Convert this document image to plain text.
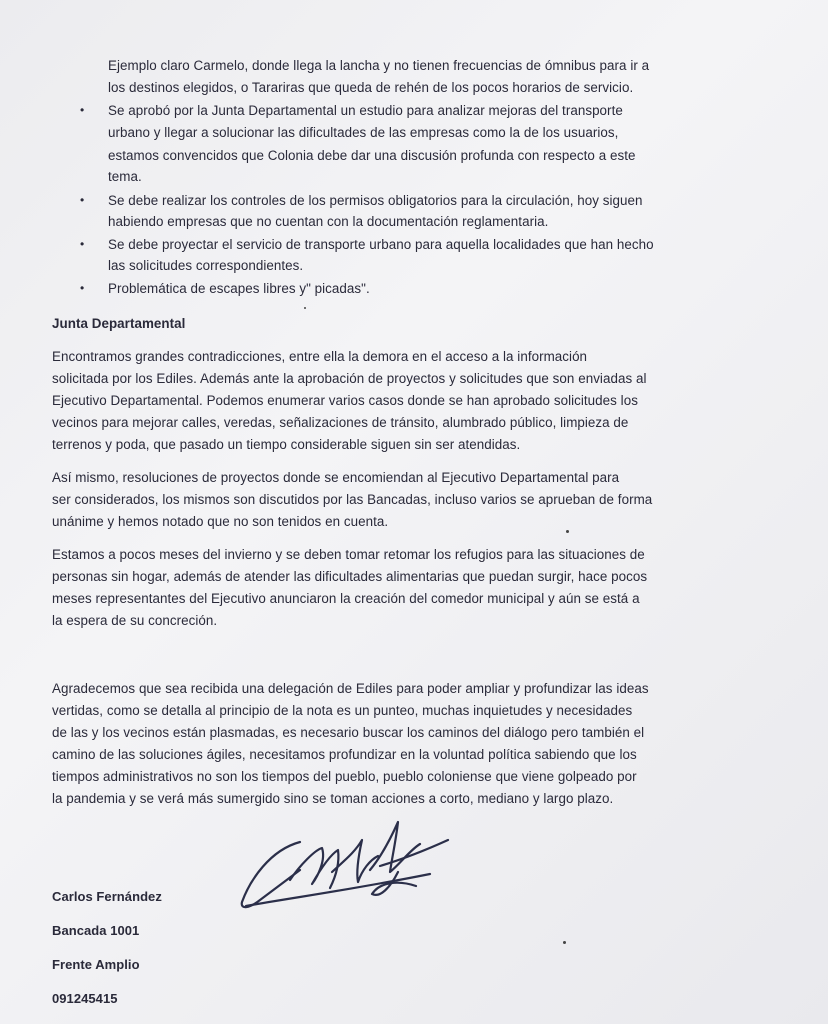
Ejemplo claro Carmelo, donde llega la lancha y no tienen frecuencias de ómnibus para ir a
los destinos elegidos, o Tarariras que queda de rehén de los pocos horarios de servicio.
• Se aprobó por la Junta Departamental un estudio para analizar mejoras del transporte
urbano y llegar a solucionar las dificultades de las empresas como la de los usuarios,
estamos convencidos que Colonia debe dar una discusión profunda con respecto a este
tema.
• Se debe realizar los controles de los permisos obligatorios para la circulación, hoy siguen
habiendo empresas que no cuentan con la documentación reglamentaria.
• Se debe proyectar el servicio de transporte urbano para aquella localidades que han hecho
las solicitudes correspondientes.
• Problemática de escapes libres y" picadas".
Junta Departamental
Encontramos grandes contradicciones, entre ella la demora en el acceso a la información
solicitada por los Ediles. Además ante la aprobación de proyectos y solicitudes que son enviadas al
Ejecutivo Departamental. Podemos enumerar varios casos donde se han aprobado solicitudes los
vecinos para mejorar calles, veredas, señalizaciones de tránsito, alumbrado público, limpieza de
terrenos y poda, que pasado un tiempo considerable siguen sin ser atendidas.
Así mismo, resoluciones de proyectos donde se encomiendan al Ejecutivo Departamental para
ser considerados, los mismos son discutidos por las Bancadas, incluso varios se aprueban de forma
unánime y hemos notado que no son tenidos en cuenta.
Estamos a pocos meses del invierno y se deben tomar retomar los refugios para las situaciones de
personas sin hogar, además de atender las dificultades alimentarias que puedan surgir, hace pocos
meses representantes del Ejecutivo anunciaron la creación del comedor municipal y aún se está a
la espera de su concreción.
Agradecemos que sea recibida una delegación de Ediles para poder ampliar y profundizar las ideas
vertidas, como se detalla al principio de la nota es un punteo, muchas inquietudes y necesidades
de las y los vecinos están plasmadas, es necesario buscar los caminos del diálogo pero también el
camino de las soluciones ágiles, necesitamos profundizar en la voluntad política sabiendo que los
tiempos administrativos no son los tiempos del pueblo, pueblo coloniense que viene golpeado por
la pandemia y se verá más sumergido sino se toman acciones a corto, mediano y largo plazo.
Carlos Fernández
Bancada 1001
Frente Amplio
091245415
